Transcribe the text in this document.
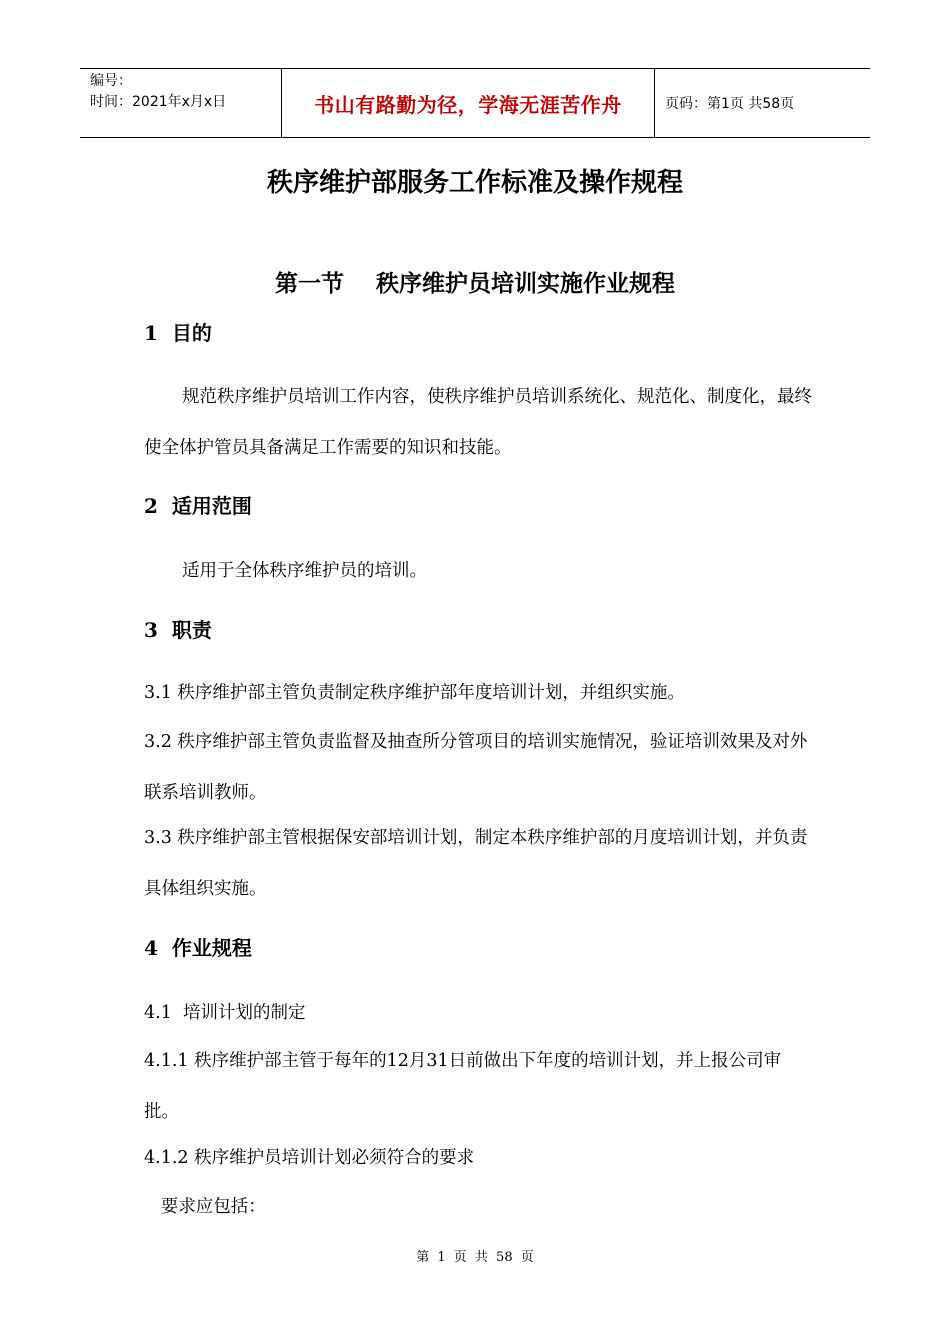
编号：
时间：2021年x月x日	书山有路勤为径，学海无涯苦作舟	页码：第1页 共58页
秩序维护部服务工作标准及操作规程
第一节    秩序维护员培训实施作业规程
1  目的

规范秩序维护员培训工作内容，使秩序维护员培训系统化、规范化、制度化，最终使全体护管员具备满足工作需要的知识和技能。

2  适用范围

适用于全体秩序维护员的培训。

3  职责

3.1 秩序维护部主管负责制定秩序维护部年度培训计划，并组织实施。

3.2 秩序维护部主管负责监督及抽查所分管项目的培训实施情况，验证培训效果及对外联系培训教师。

3.3 秩序维护部主管根据保安部培训计划，制定本秩序维护部的月度培训计划，并负责具体组织实施。

4  作业规程
4.1  培训计划的制定

4.1.1 秩序维护部主管于每年的12月31日前做出下年度的培训计划，并上报公司审批。

4.1.2 秩序维护员培训计划必须符合的要求
要求应包括：
第 1 页 共 58 页
